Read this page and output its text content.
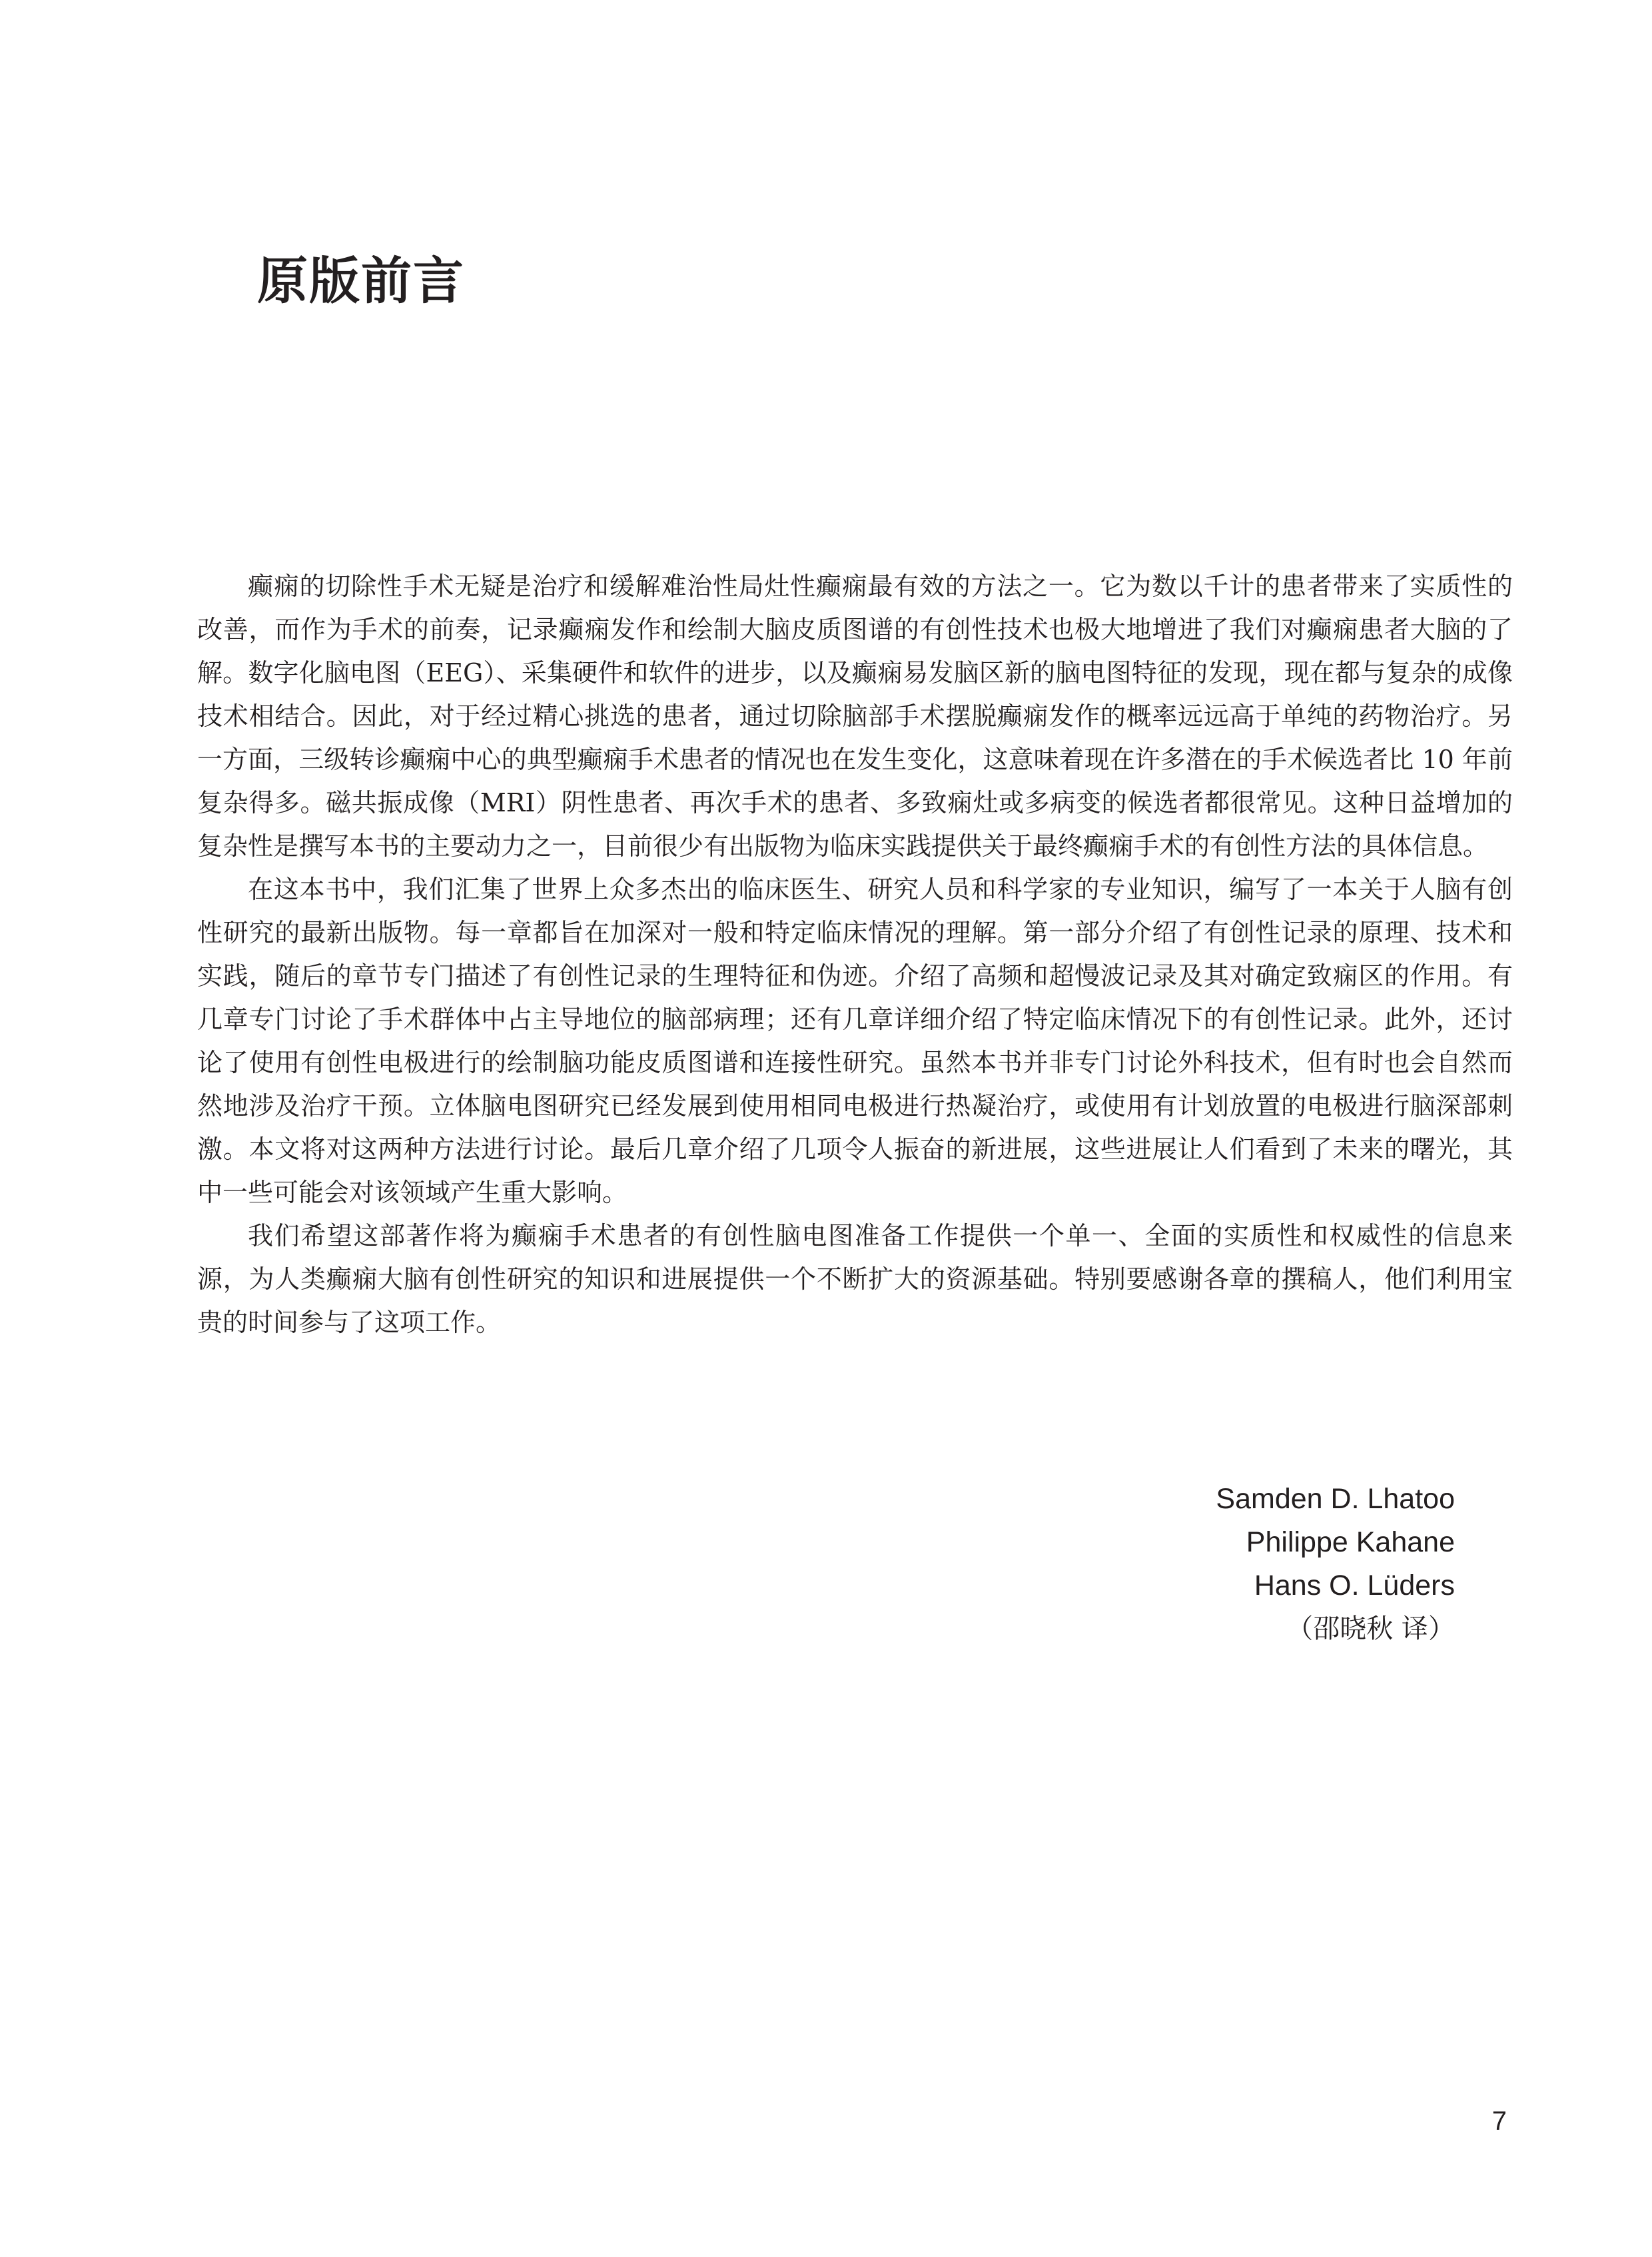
原版前言

癫痫的切除性手术无疑是治疗和缓解难治性局灶性癫痫最有效的方法之一。它为数以千计的患者带来了实质性的改善，而作为手术的前奏，记录癫痫发作和绘制大脑皮质图谱的有创性技术也极大地增进了我们对癫痫患者大脑的了解。数字化脑电图（EEG）、采集硬件和软件的进步，以及癫痫易发脑区新的脑电图特征的发现，现在都与复杂的成像技术相结合。因此，对于经过精心挑选的患者，通过切除脑部手术摆脱癫痫发作的概率远远高于单纯的药物治疗。另一方面，三级转诊癫痫中心的典型癫痫手术患者的情况也在发生变化，这意味着现在许多潜在的手术候选者比 10 年前复杂得多。磁共振成像（MRI）阴性患者、再次手术的患者、多致痫灶或多病变的候选者都很常见。这种日益增加的复杂性是撰写本书的主要动力之一，目前很少有出版物为临床实践提供关于最终癫痫手术的有创性方法的具体信息。

在这本书中，我们汇集了世界上众多杰出的临床医生、研究人员和科学家的专业知识，编写了一本关于人脑有创性研究的最新出版物。每一章都旨在加深对一般和特定临床情况的理解。第一部分介绍了有创性记录的原理、技术和实践，随后的章节专门描述了有创性记录的生理特征和伪迹。介绍了高频和超慢波记录及其对确定致痫区的作用。有几章专门讨论了手术群体中占主导地位的脑部病理；还有几章详细介绍了特定临床情况下的有创性记录。此外，还讨论了使用有创性电极进行的绘制脑功能皮质图谱和连接性研究。虽然本书并非专门讨论外科技术，但有时也会自然而然地涉及治疗干预。立体脑电图研究已经发展到使用相同电极进行热凝治疗，或使用有计划放置的电极进行脑深部刺激。本文将对这两种方法进行讨论。最后几章介绍了几项令人振奋的新进展，这些进展让人们看到了未来的曙光，其中一些可能会对该领域产生重大影响。

我们希望这部著作将为癫痫手术患者的有创性脑电图准备工作提供一个单一、全面的实质性和权威性的信息来源，为人类癫痫大脑有创性研究的知识和进展提供一个不断扩大的资源基础。特别要感谢各章的撰稿人，他们利用宝贵的时间参与了这项工作。

Samden D. Lhatoo
Philippe Kahane
Hans O. Lüders
（邵晓秋 译）
7
